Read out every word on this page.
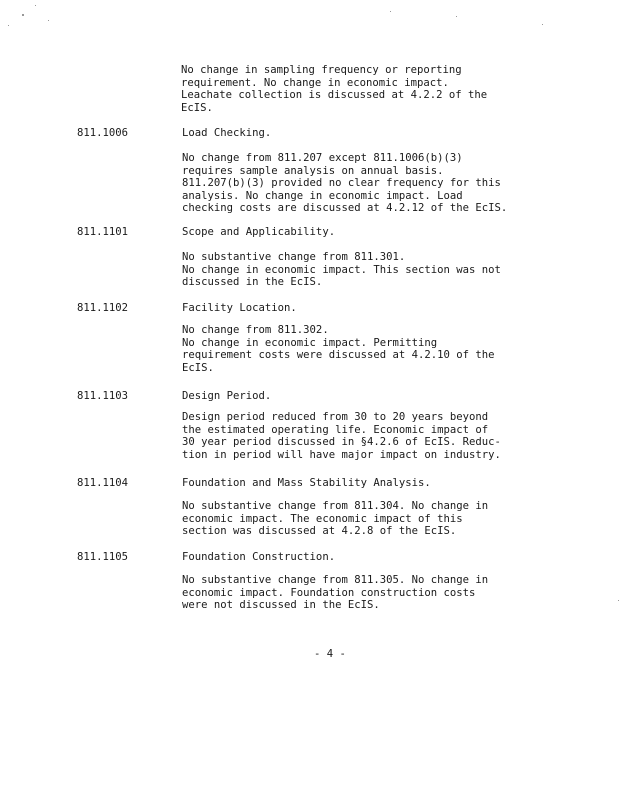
No change in sampling frequency or reporting
requirement. No change in economic impact.
Leachate collection is discussed at 4.2.2 of the
EcIS.

811.1006	Load Checking.

No change from 811.207 except 811.1006(b)(3)
requires sample analysis on annual basis.
811.207(b)(3) provided no clear frequency for this
analysis. No change in economic impact. Load
checking costs are discussed at 4.2.12 of the EcIS.

811.1101	Scope and Applicability.

No substantive change from 811.301.
No change in economic impact. This section was not
discussed in the EcIS.

811.1102	Facility Location.

No change from 811.302.
No change in economic impact. Permitting
requirement costs were discussed at 4.2.10 of the
EcIS.

811.1103	Design Period.

Design period reduced from 30 to 20 years beyond
the estimated operating life. Economic impact of
30 year period discussed in §4.2.6 of EcIS. Reduc-
tion in period will have major impact on industry.

811.1104	Foundation and Mass Stability Analysis.

No substantive change from 811.304. No change in
economic impact. The economic impact of this
section was discussed at 4.2.8 of the EcIS.

811.1105	Foundation Construction.

No substantive change from 811.305. No change in
economic impact. Foundation construction costs
were not discussed in the EcIS.

- 4 -
